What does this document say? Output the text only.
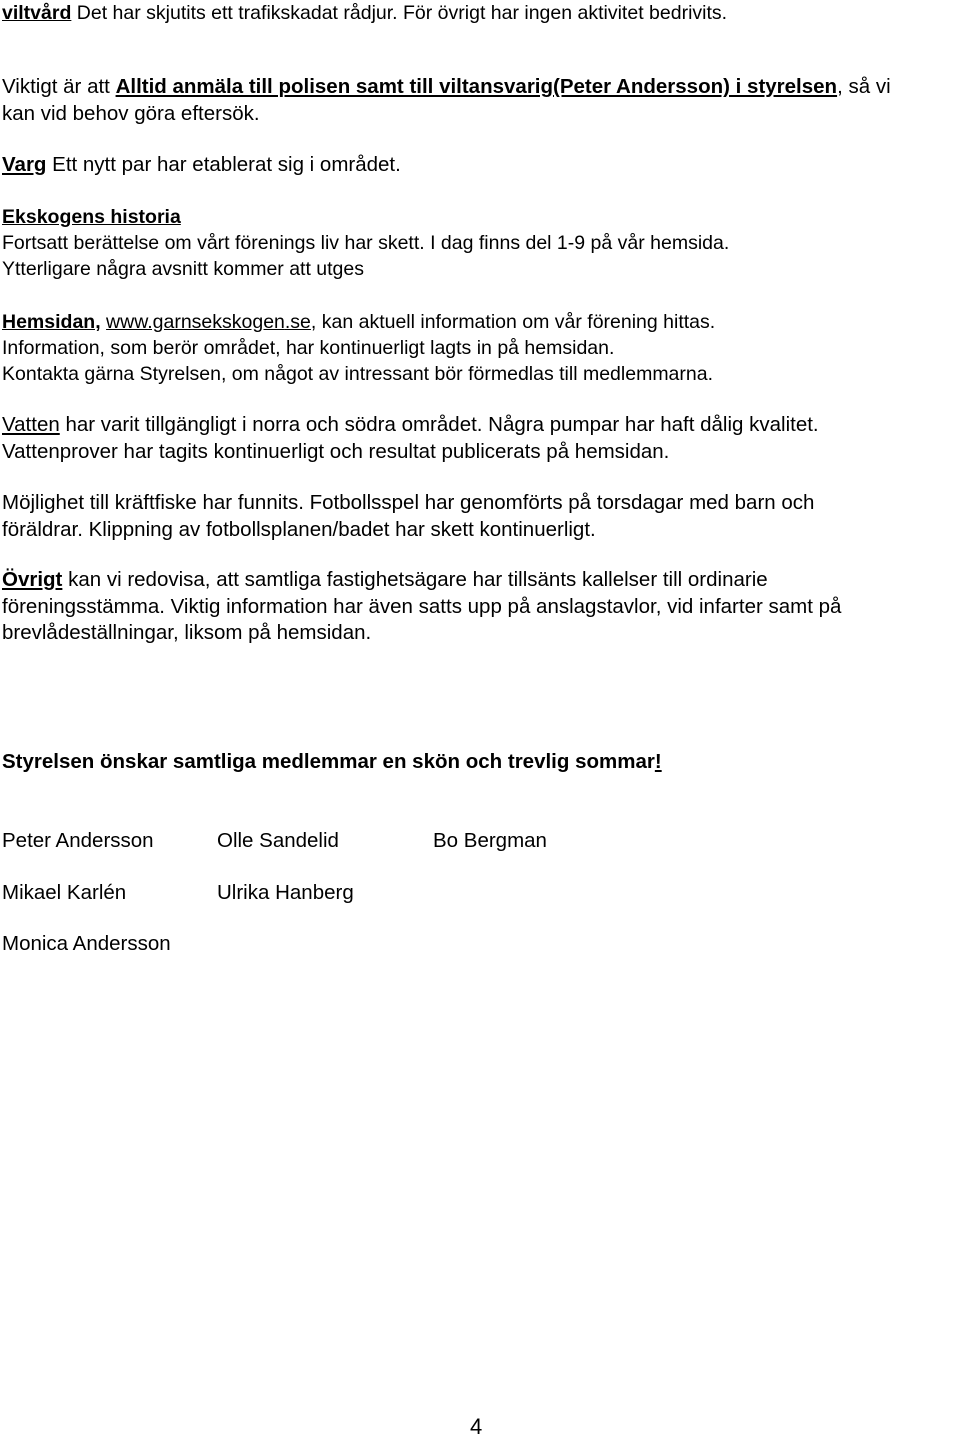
viltvård Det har skjutits ett trafikskadat rådjur. För övrigt har ingen aktivitet bedrivits.
Viktigt är att Alltid anmäla till polisen samt till viltansvarig(Peter Andersson) i styrelsen, så vi
kan vid behov göra eftersök.
Varg Ett nytt par har etablerat sig i området.
Ekskogens historia
Fortsatt berättelse om vårt förenings liv har skett. I dag finns del 1-9 på vår hemsida.
Ytterligare några avsnitt kommer att utges
Hemsidan, www.garnsekskogen.se, kan aktuell information om vår förening hittas.
Information, som berör området, har kontinuerligt lagts in på hemsidan.
Kontakta gärna Styrelsen, om något av intressant bör förmedlas till medlemmarna.
Vatten har varit tillgängligt i norra och södra området. Några pumpar har haft dålig kvalitet.
Vattenprover har tagits kontinuerligt och resultat publicerats på hemsidan.
Möjlighet till kräftfiske har funnits. Fotbollsspel har genomförts på torsdagar med barn och
föräldrar. Klippning av fotbollsplanen/badet har skett kontinuerligt.
Övrigt kan vi redovisa, att samtliga fastighetsägare har tillsänts kallelser till ordinarie
föreningsstämma. Viktig information har även satts upp på anslagstavlor, vid infarter samt på
brevlådeställningar, liksom på hemsidan.
Styrelsen önskar samtliga medlemmar en skön och trevlig sommar!
Peter Andersson	Olle Sandelid	Bo Bergman
Mikael Karlén	Ulrika Hanberg
Monica Andersson
4
